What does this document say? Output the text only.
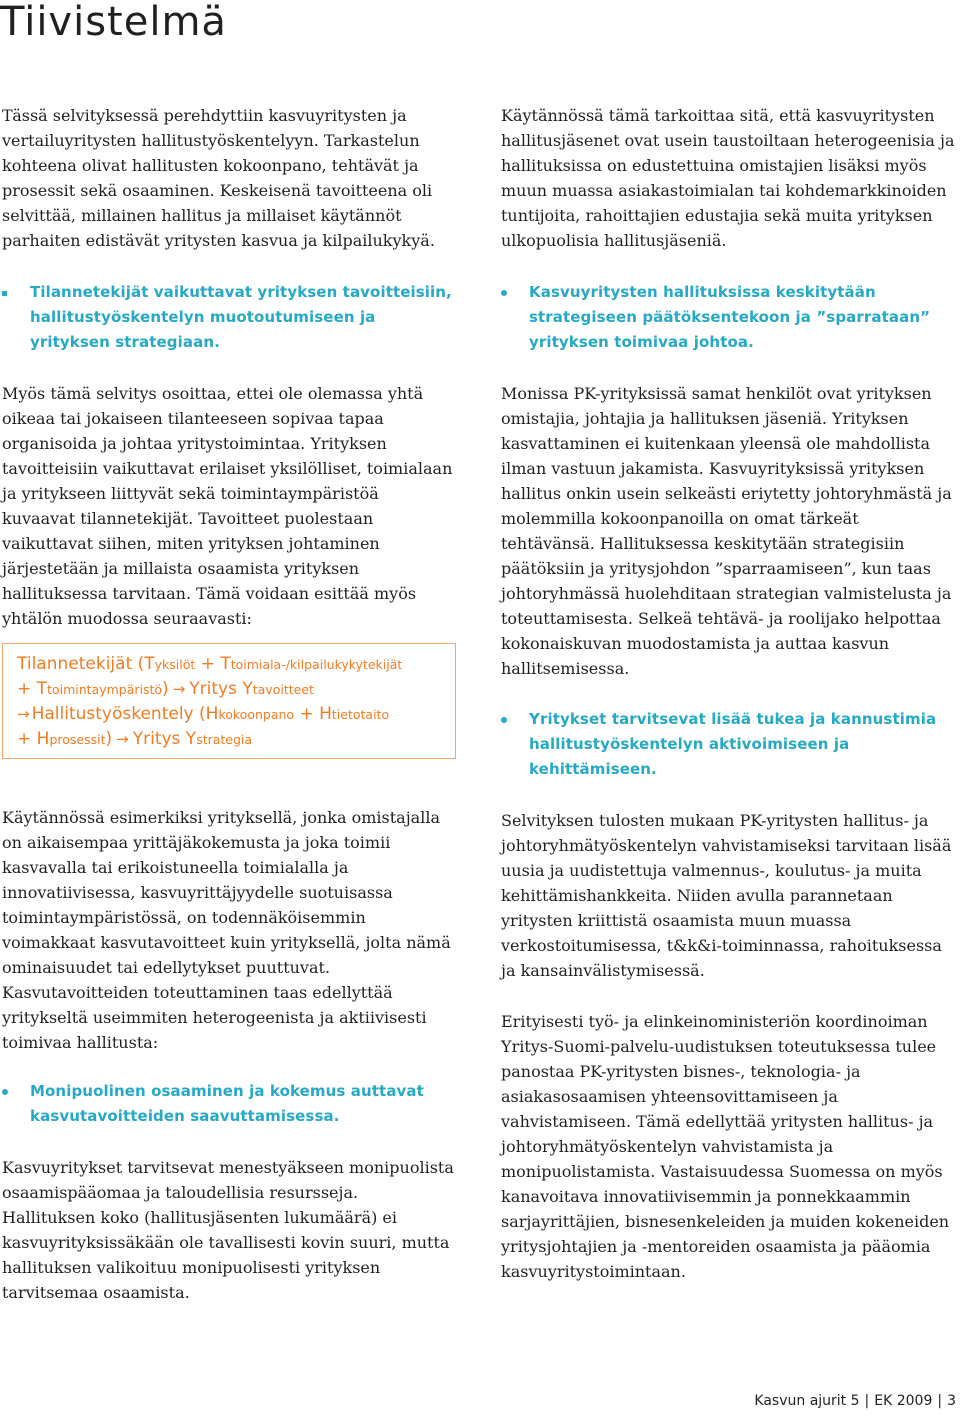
Tiivistelmä

Tässä selvityksessä perehdyttiin kasvuyritysten ja vertailuyritysten hallitustyöskentelyyn. Tarkastelun kohteena olivat hallitusten kokoonpano, tehtävät ja prosessit sekä osaaminen. Keskeisenä tavoitteena oli selvittää, millainen hallitus ja millaiset käytännöt parhaiten edistävät yritysten kasvua ja kilpailukykyä.

Tilannetekijät vaikuttavat yrityksen tavoitteisiin, hallitustyöskentelyn muotoutumiseen ja yrityksen strategiaan.

Myös tämä selvitys osoittaa, ettei ole olemassa yhtä oikeaa tai jokaiseen tilanteeseen sopivaa tapaa organisoida ja johtaa yritystoimintaa. Yrityksen tavoitteisiin vaikuttavat erilaiset yksilölliset, toimialaan ja yritykseen liittyvät sekä toimintaympäristöä kuvaavat tilannetekijät. Tavoitteet puolestaan vaikuttavat siihen, miten yrityksen johtaminen järjestetään ja millaista osaamista yrityksen hallituksessa tarvitaan. Tämä voidaan esittää myös yhtälön muodossa seuraavasti:

Tilannetekijät (Tyksilöt + Ttoimiala-/kilpailukykytekijät
+ Ttoimintaympäristö) → Yritys Ytavoitteet
→ Hallitustyöskentely (Hkokoonpano + Htietotaito
+ Hprosessit) → Yritys Ystrategia

Käytännössä esimerkiksi yrityksellä, jonka omistajalla on aikaisempaa yrittäjäkokemusta ja joka toimii kasvavalla tai erikoistuneella toimialalla ja innovatiivisessa, kasvuyrittäjyydelle suotuisassa toimintaympäristössä, on todennäköisemmin voimakkaat kasvutavoitteet kuin yrityksellä, jolta nämä ominaisuudet tai edellytykset puuttuvat. Kasvutavoitteiden toteuttaminen taas edellyttää yritykseltä useimmiten heterogeenista ja aktiivisesti toimivaa hallitusta:

Monipuolinen osaaminen ja kokemus auttavat kasvutavoitteiden saavuttamisessa.

Kasvuyritykset tarvitsevat menestyäkseen monipuolista osaamispääomaa ja taloudellisia resursseja. Hallituksen koko (hallitusjäsenten lukumäärä) ei kasvuyrityksissäkään ole tavallisesti kovin suuri, mutta hallituksen valikoituu monipuolisesti yrityksen tarvitsemaa osaamista.

Käytännössä tämä tarkoittaa sitä, että kasvuyritysten hallitusjäsenet ovat usein taustoiltaan heterogeenisia ja hallituksissa on edustettuina omistajien lisäksi myös muun muassa asiakastoimialan tai kohdemarkkinoiden tuntijoita, rahoittajien edustajia sekä muita yrityksen ulkopuolisia hallitusjäseniä.

Kasvuyritysten hallituksissa keskitytään strategiseen päätöksentekoon ja ”sparrataan” yrityksen toimivaa johtoa.

Monissa PK-yrityksissä samat henkilöt ovat yrityksen omistajia, johtajia ja hallituksen jäseniä. Yrityksen kasvattaminen ei kuitenkaan yleensä ole mahdollista ilman vastuun jakamista. Kasvuyrityksissä yrityksen hallitus onkin usein selkeästi eriytetty johtoryhmästä ja molemmilla kokoonpanoilla on omat tärkeät tehtävänsä. Hallituksessa keskitytään strategisiin päätöksiin ja yritysjohdon ”sparraamiseen”, kun taas johtoryhmässä huolehditaan strategian valmistelusta ja toteuttamisesta. Selkeä tehtävä- ja roolijako helpottaa kokonaiskuvan muodostamista ja auttaa kasvun hallitsemisessa.

Yritykset tarvitsevat lisää tukea ja kannustimia hallitustyöskentelyn aktivoimiseen ja kehittämiseen.

Selvityksen tulosten mukaan PK-yritysten hallitus- ja johtoryhmätyöskentelyn vahvistamiseksi tarvitaan lisää uusia ja uudistettuja valmennus-, koulutus- ja muita kehittämishankkeita. Niiden avulla parannetaan yritysten kriittistä osaamista muun muassa verkostoitumisessa, t&k&i-toiminnassa, rahoituksessa ja kansainvälistymisessä.

Erityisesti työ- ja elinkeinoministeriön koordinoiman Yritys-Suomi-palvelu-uudistuksen toteutuksessa tulee panostaa PK-yritysten bisnes-, teknologia- ja asiakasosaamisen yhteensovittamiseen ja vahvistamiseen. Tämä edellyttää yritysten hallitus- ja johtoryhmätyöskentelyn vahvistamista ja monipuolistamista. Vastaisuudessa Suomessa on myös kanavoitava innovatiivisemmin ja ponnekkaammin sarjayrittäjien, bisnesenkeleiden ja muiden kokeneiden yritysjohtajien ja -mentoreiden osaamista ja pääomia kasvuyritystoimintaan.

Kasvun ajurit 5 | EK 2009 | 3
